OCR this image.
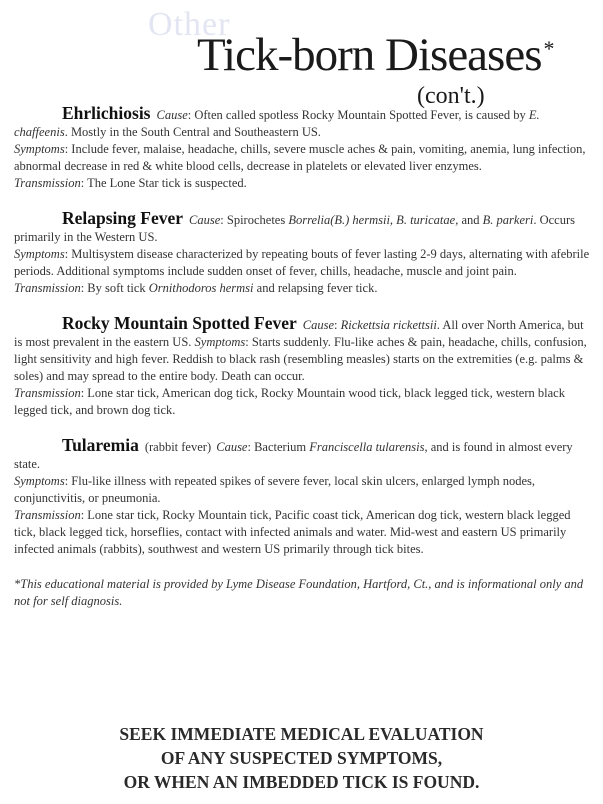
Other
Tick-born Diseases*
(con't.)

Ehrlichiosis Cause: Often called spotless Rocky Mountain Spotted Fever, is caused by E. chaffeenis. Mostly in the South Central and Southeastern US.

Symptoms: Include fever, malaise, headache, chills, severe muscle aches & pain, vomiting, anemia, lung infection, abnormal decrease in red & white blood cells, decrease in platelets or elevated liver enzymes.

Transmission: The Lone Star tick is suspected.

Relapsing Fever Cause: Spirochetes Borrelia(B.) hermsii, B. turicatae, and B. parkeri. Occurs primarily in the Western US.

Symptoms: Multisystem disease characterized by repeating bouts of fever lasting 2-9 days, alternating with afebrile periods. Additional symptoms include sudden onset of fever, chills, headache, muscle and joint pain.

Transmission: By soft tick Ornithodoros hermsi and relapsing fever tick.

Rocky Mountain Spotted Fever Cause: Rickettsia rickettsii. All over North America, but is most prevalent in the eastern US. Symptoms: Starts suddenly. Flu-like aches & pain, headache, chills, confusion, light sensitivity and high fever. Reddish to black rash (resembling measles) starts on the extremities (e.g. palms & soles) and may spread to the entire body. Death can occur.

Transmission: Lone star tick, American dog tick, Rocky Mountain wood tick, black legged tick, western black legged tick, and brown dog tick.

Tularemia (rabbit fever) Cause: Bacterium Franciscella tularensis, and is found in almost every state.

Symptoms: Flu-like illness with repeated spikes of severe fever, local skin ulcers, enlarged lymph nodes, conjunctivitis, or pneumonia.

Transmission: Lone star tick, Rocky Mountain tick, Pacific coast tick, American dog tick, western black legged tick, black legged tick, horseflies, contact with infected animals and water. Mid-west and eastern US primarily infected animals (rabbits), southwest and western US primarily through tick bites.

*This educational material is provided by Lyme Disease Foundation, Hartford, Ct., and is informational only and not for self diagnosis.

SEEK IMMEDIATE MEDICAL EVALUATION
OF ANY SUSPECTED SYMPTOMS,
OR WHEN AN IMBEDDED TICK IS FOUND.
